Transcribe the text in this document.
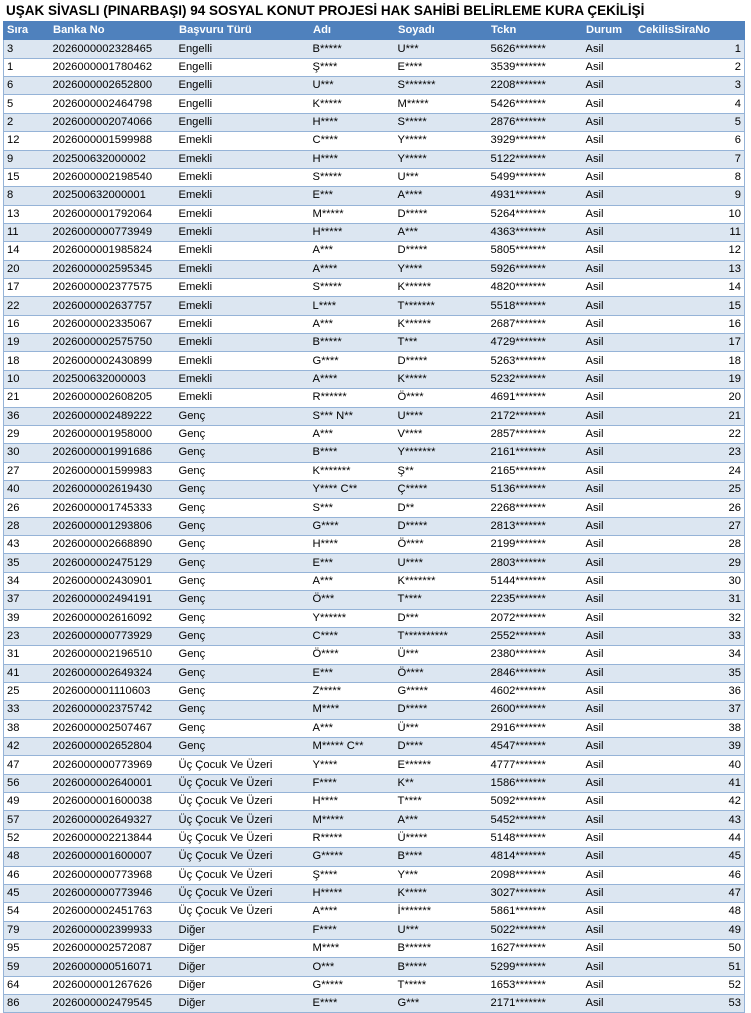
UŞAK SİVASLI (PINARBAŞI) 94 SOSYAL KONUT PROJESİ HAK SAHİBİ BELİRLEME KURA ÇEKİLİŞİ
Sıra	Banka No	Başvuru Türü	Adı	Soyadı	Tckn	Durum	CekilisSiraNo
3	2026000002328465	Engelli	B*****	U***	5626*******	Asil	1
1	2026000001780462	Engelli	Ş****	E****	3539*******	Asil	2
6	2026000002652800	Engelli	U***	S*******	2208*******	Asil	3
5	2026000002464798	Engelli	K*****	M*****	5426*******	Asil	4
2	2026000002074066	Engelli	H****	S*****	2876*******	Asil	5
12	2026000001599988	Emekli	C****	Y*****	3929*******	Asil	6
9	202500632000002	Emekli	H****	Y*****	5122*******	Asil	7
15	2026000002198540	Emekli	S*****	U***	5499*******	Asil	8
8	202500632000001	Emekli	E***	A****	4931*******	Asil	9
13	2026000001792064	Emekli	M*****	D*****	5264*******	Asil	10
11	2026000000773949	Emekli	H*****	A***	4363*******	Asil	11
14	2026000001985824	Emekli	A***	D*****	5805*******	Asil	12
20	2026000002595345	Emekli	A****	Y****	5926*******	Asil	13
17	2026000002377575	Emekli	S*****	K******	4820*******	Asil	14
22	2026000002637757	Emekli	L****	T*******	5518*******	Asil	15
16	2026000002335067	Emekli	A***	K******	2687*******	Asil	16
19	2026000002575750	Emekli	B*****	T***	4729*******	Asil	17
18	2026000002430899	Emekli	G****	D*****	5263*******	Asil	18
10	202500632000003	Emekli	A****	K*****	5232*******	Asil	19
21	2026000002608205	Emekli	R******	Ö****	4691*******	Asil	20
36	2026000002489222	Genç	S*** N**	U****	2172*******	Asil	21
29	2026000001958000	Genç	A***	V****	2857*******	Asil	22
30	2026000001991686	Genç	B****	Y*******	2161*******	Asil	23
27	2026000001599983	Genç	K*******	Ş**	2165*******	Asil	24
40	2026000002619430	Genç	Y**** C**	Ç*****	5136*******	Asil	25
26	2026000001745333	Genç	S***	D**	2268*******	Asil	26
28	2026000001293806	Genç	G****	D*****	2813*******	Asil	27
43	2026000002668890	Genç	H****	Ö****	2199*******	Asil	28
35	2026000002475129	Genç	E***	U****	2803*******	Asil	29
34	2026000002430901	Genç	A***	K*******	5144*******	Asil	30
37	2026000002494191	Genç	Ö***	T****	2235*******	Asil	31
39	2026000002616092	Genç	Y******	D***	2072*******	Asil	32
23	2026000000773929	Genç	C****	T**********	2552*******	Asil	33
31	2026000002196510	Genç	Ö****	Ü***	2380*******	Asil	34
41	2026000002649324	Genç	E***	Ö****	2846*******	Asil	35
25	2026000001110603	Genç	Z*****	G*****	4602*******	Asil	36
33	2026000002375742	Genç	M****	D*****	2600*******	Asil	37
38	2026000002507467	Genç	A***	Ü***	2916*******	Asil	38
42	2026000002652804	Genç	M***** C**	D****	4547*******	Asil	39
47	2026000000773969	Üç Çocuk Ve Üzeri	Y****	E******	4777*******	Asil	40
56	2026000002640001	Üç Çocuk Ve Üzeri	F****	K**	1586*******	Asil	41
49	2026000001600038	Üç Çocuk Ve Üzeri	H****	T****	5092*******	Asil	42
57	2026000002649327	Üç Çocuk Ve Üzeri	M*****	A***	5452*******	Asil	43
52	2026000002213844	Üç Çocuk Ve Üzeri	R*****	Ü*****	5148*******	Asil	44
48	2026000001600007	Üç Çocuk Ve Üzeri	G*****	B****	4814*******	Asil	45
46	2026000000773968	Üç Çocuk Ve Üzeri	Ş****	Y***	2098*******	Asil	46
45	2026000000773946	Üç Çocuk Ve Üzeri	H*****	K*****	3027*******	Asil	47
54	2026000002451763	Üç Çocuk Ve Üzeri	A****	İ*******	5861*******	Asil	48
79	2026000002399933	Diğer	F****	U***	5022*******	Asil	49
95	2026000002572087	Diğer	M****	B******	1627*******	Asil	50
59	2026000000516071	Diğer	O***	B*****	5299*******	Asil	51
64	2026000001267626	Diğer	G*****	T*****	1653*******	Asil	52
86	2026000002479545	Diğer	E****	G***	2171*******	Asil	53
